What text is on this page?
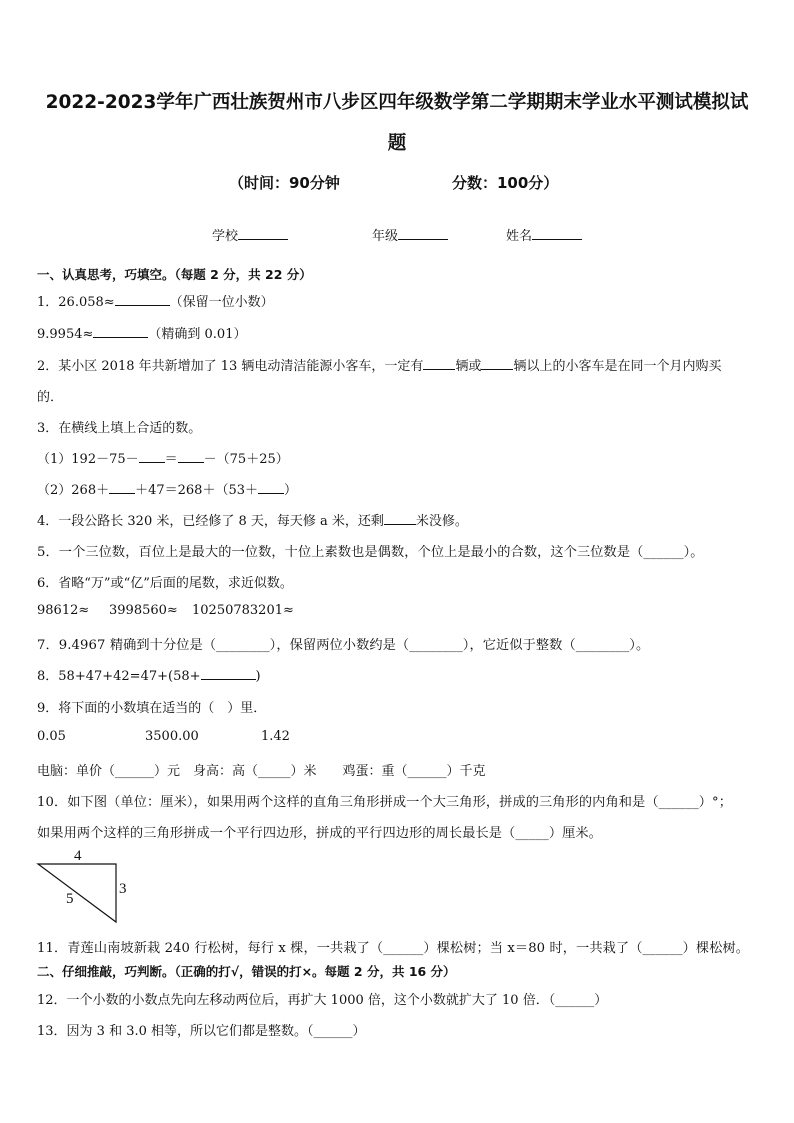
2022-2023学年广西壮族贺州市八步区四年级数学第二学期期末学业水平测试模拟试
题
（时间：90分钟	分数：100分）
学校	年级	姓名
一、认真思考，巧填空。（每题 2 分，共 22 分）
1．26.058≈	（保留一位小数）
9.9954≈	（精确到 0.01）
2．某小区 2018 年共新增加了 13 辆电动清洁能源小客车，一定有 辆或 辆以上的小客车是在同一个月内购买
的．
3．在横线上填上合适的数。
（1）192－75－ ＝ －（75＋25）
（2）268＋ ＋47＝268＋（53＋ ）
4．一段公路长 320 米，已经修了 8 天，每天修 a 米，还剩 米没修。
5．一个三位数，百位上是最大的一位数，十位上素数也是偶数，个位上是最小的合数，这个三位数是（______）。
6．省略“万”或“亿”后面的尾数，求近似数。
98612≈ 3998560≈ 10250783201≈
7．9.4967 精确到十分位是（________），保留两位小数约是（________），它近似于整数（________）。
8．58+47+42=47+(58+	)
9．将下面的小数填在适当的（　）里．
0.05	3500.00	1.42
电脑：单价（______）元　身高：高（_____）米　　鸡蛋：重（______）千克
10．如下图（单位：厘米），如果用两个这样的直角三角形拼成一个大三角形，拼成的三角形的内角和是（______）°；
如果用两个这样的三角形拼成一个平行四边形，拼成的平行四边形的周长最长是（_____）厘米。
4
3
5
11．青莲山南坡新栽 240 行松树，每行 x 棵，一共栽了（______）棵松树；当 x＝80 时，一共栽了（______）棵松树。
二、仔细推敲，巧判断。（正确的打√，错误的打×。每题 2 分，共 16 分）
12．一个小数的小数点先向左移动两位后，再扩大 1000 倍，这个小数就扩大了 10 倍．（______）
13．因为 3 和 3.0 相等，所以它们都是整数。（______）
